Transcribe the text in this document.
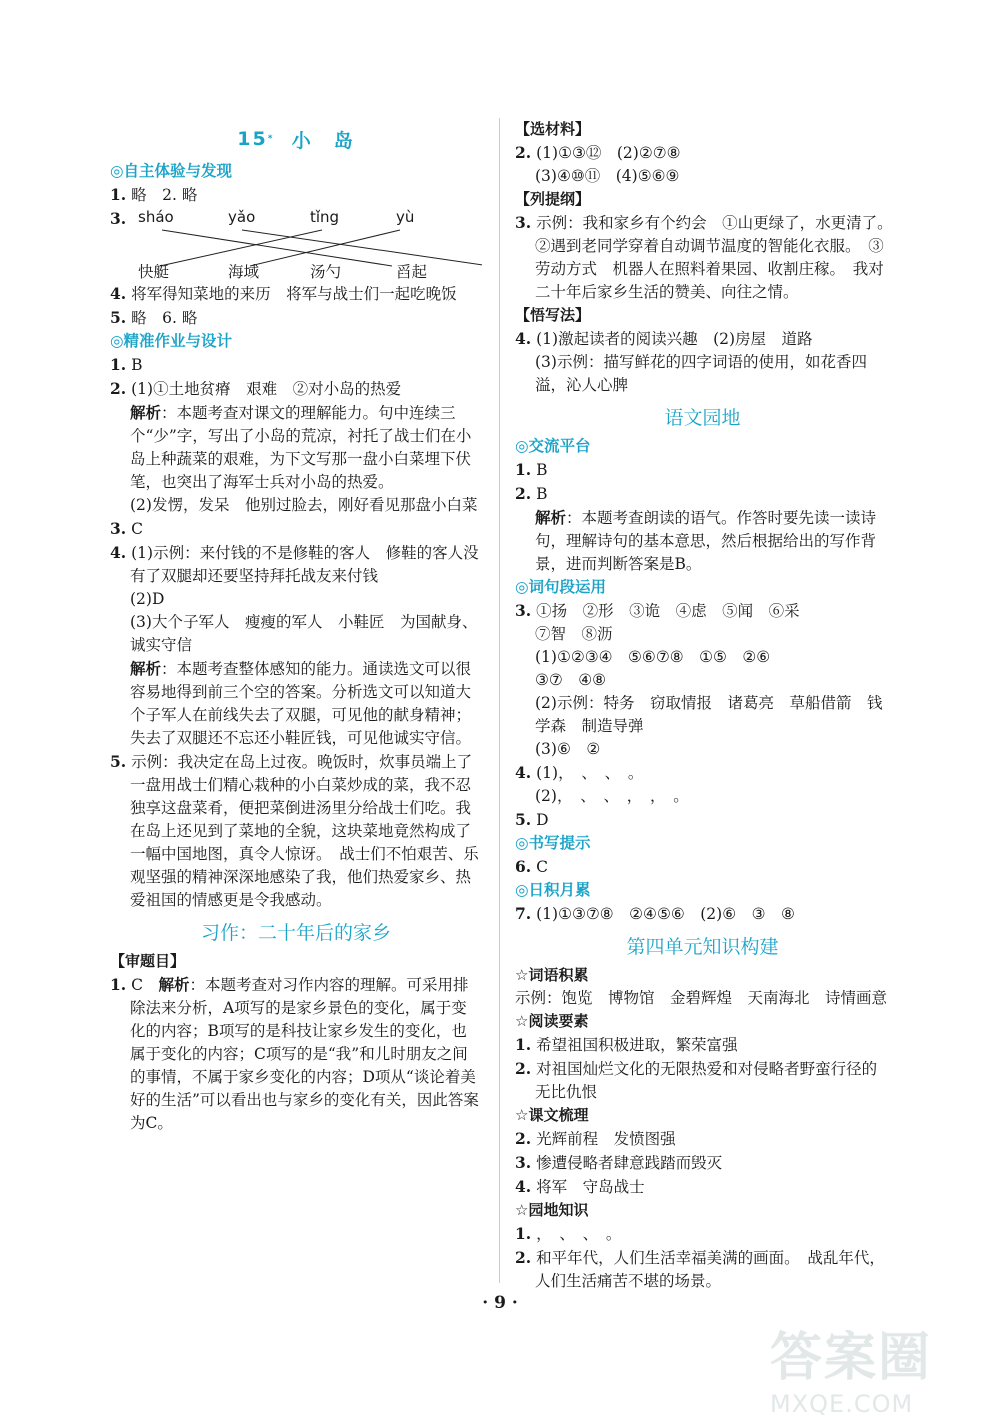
15 *
小　岛
◎自主体验与发现
1. 略　2. 略
3. sháo	yǎo	tǐng	yù
快艇	海域	汤勺	舀起
4. 将军得知菜地的来历　将军与战士们一起吃晚饭
5. 略　6. 略
◎精准作业与设计
1. B
2. (1)①土地贫瘠　艰难　②对小岛的热爱
解析：本题考查对课文的理解能力。句中连续三个“少”字，写出了小岛的荒凉，衬托了战士们在小岛上种蔬菜的艰难，为下文写那一盘小白菜埋下伏笔，也突出了海军士兵对小岛的热爱。
(2)发愣，发呆　他别过脸去，刚好看见那盘小白菜
3. C
4. (1)示例：来付钱的不是修鞋的客人　修鞋的客人没有了双腿却还要坚持拜托战友来付钱
(2)D
(3)大个子军人　瘦瘦的军人　小鞋匠　为国献身、诚实守信
解析：本题考查整体感知的能力。通读选文可以很容易地得到前三个空的答案。分析选文可以知道大个子军人在前线失去了双腿，可见他的献身精神；失去了双腿还不忘还小鞋匠钱，可见他诚实守信。
5. 示例：我决定在岛上过夜。晚饭时，炊事员端上了一盘用战士们精心栽种的小白菜炒成的菜，我不忍独享这盘菜肴，便把菜倒进汤里分给战士们吃。我在岛上还见到了菜地的全貌，这块菜地竟然构成了一幅中国地图，真令人惊讶。　战士们不怕艰苦、乐观坚强的精神深深地感染了我，他们热爱家乡、热爱祖国的情感更是令我感动。
习作：二十年后的家乡
【审题目】
1. C　解析：本题考查对习作内容的理解。可采用排除法来分析，A项写的是家乡景色的变化，属于变化的内容；B项写的是科技让家乡发生的变化，也属于变化的内容；C项写的是“我”和儿时朋友之间的事情，不属于家乡变化的内容；D项从“谈论着美好的生活”可以看出也与家乡的变化有关，因此答案为C。
【选材料】
2. (1)①③⑫　(2)②⑦⑧
(3)④⑩⑪　(4)⑤⑥⑨
【列提纲】
3. 示例：我和家乡有个约会　①山更绿了，水更清了。　②遇到老同学穿着自动调节温度的智能化衣服。　③劳动方式　机器人在照料着果园、收割庄稼。　我对二十年后家乡生活的赞美、向往之情。
【悟写法】
4. (1)激起读者的阅读兴趣　(2)房屋　道路
(3)示例：描写鲜花的四字词语的使用，如花香四溢，沁人心脾
语文园地
◎交流平台
1. B
2. B
解析：本题考查朗读的语气。作答时要先读一读诗句，理解诗句的基本意思，然后根据给出的写作背景，进而判断答案是B。
◎词句段运用
3. ①扬　②形　③诡　④虑　⑤闻　⑥采
⑦智　⑧沥
(1)①②③④　⑤⑥⑦⑧　①⑤　②⑥
③⑦　④⑧
(2)示例：特务　窃取情报　诸葛亮　草船借箭　钱学森　制造导弹
(3)⑥　②
4. (1)，　、　、　。
(2)，　、　、　，　，　。
5. D
◎书写提示
6. C
◎日积月累
7. (1)①③⑦⑧　②④⑤⑥　(2)⑥　③　⑧
第四单元知识构建
☆词语积累
示例：饱览　博物馆　金碧辉煌　天南海北　诗情画意
☆阅读要素
1. 希望祖国积极进取，繁荣富强
2. 对祖国灿烂文化的无限热爱和对侵略者野蛮行径的无比仇恨
☆课文梳理
2. 光辉前程　发愤图强
3. 惨遭侵略者肆意践踏而毁灭
4. 将军　守岛战士
☆园地知识
1. ，　、　、　。
2. 和平年代，人们生活幸福美满的画面。　战乱年代，人们生活痛苦不堪的场景。
· 9 ·
答案圈
MXQE.COM
